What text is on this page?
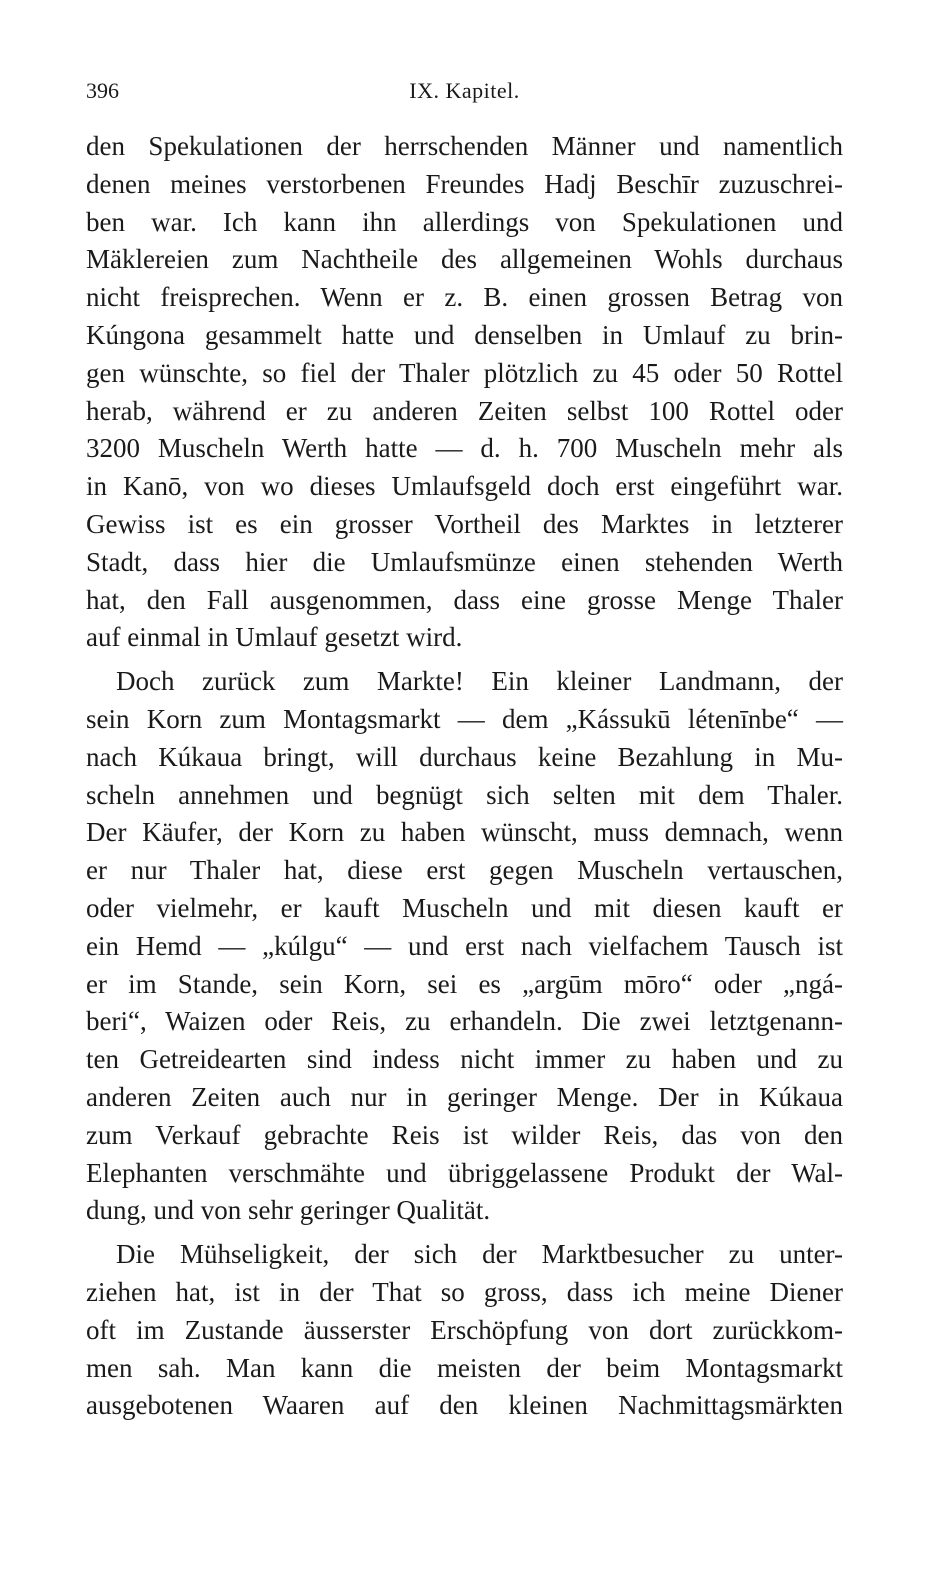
396	IX. Kapitel.
den Spekulationen der herrschenden Männer und namentlich
denen meines verstorbenen Freundes Hadj Beschīr zuzuschrei-
ben war. Ich kann ihn allerdings von Spekulationen und
Mäklereien zum Nachtheile des allgemeinen Wohls durchaus
nicht freisprechen. Wenn er z. B. einen grossen Betrag von
Kúngona gesammelt hatte und denselben in Umlauf zu brin-
gen wünschte, so fiel der Thaler plötzlich zu 45 oder 50 Rottel
herab, während er zu anderen Zeiten selbst 100 Rottel oder
3200 Muscheln Werth hatte — d. h. 700 Muscheln mehr als
in Kanō, von wo dieses Umlaufsgeld doch erst eingeführt war.
Gewiss ist es ein grosser Vortheil des Marktes in letzterer
Stadt, dass hier die Umlaufsmünze einen stehenden Werth
hat, den Fall ausgenommen, dass eine grosse Menge Thaler
auf einmal in Umlauf gesetzt wird.
Doch zurück zum Markte! Ein kleiner Landmann, der
sein Korn zum Montagsmarkt — dem „Kássukū létenīnbe“ —
nach Kúkaua bringt, will durchaus keine Bezahlung in Mu-
scheln annehmen und begnügt sich selten mit dem Thaler.
Der Käufer, der Korn zu haben wünscht, muss demnach, wenn
er nur Thaler hat, diese erst gegen Muscheln vertauschen,
oder vielmehr, er kauft Muscheln und mit diesen kauft er
ein Hemd — „kúlgu“ — und erst nach vielfachem Tausch ist
er im Stande, sein Korn, sei es „argūm mōro“ oder „ngá-
beri“, Waizen oder Reis, zu erhandeln. Die zwei letztgenann-
ten Getreidearten sind indess nicht immer zu haben und zu
anderen Zeiten auch nur in geringer Menge. Der in Kúkaua
zum Verkauf gebrachte Reis ist wilder Reis, das von den
Elephanten verschmähte und übriggelassene Produkt der Wal-
dung, und von sehr geringer Qualität.
Die Mühseligkeit, der sich der Marktbesucher zu unter-
ziehen hat, ist in der That so gross, dass ich meine Diener
oft im Zustande äusserster Erschöpfung von dort zurückkom-
men sah. Man kann die meisten der beim Montagsmarkt
ausgebotenen Waaren auf den kleinen Nachmittagsmärkten
